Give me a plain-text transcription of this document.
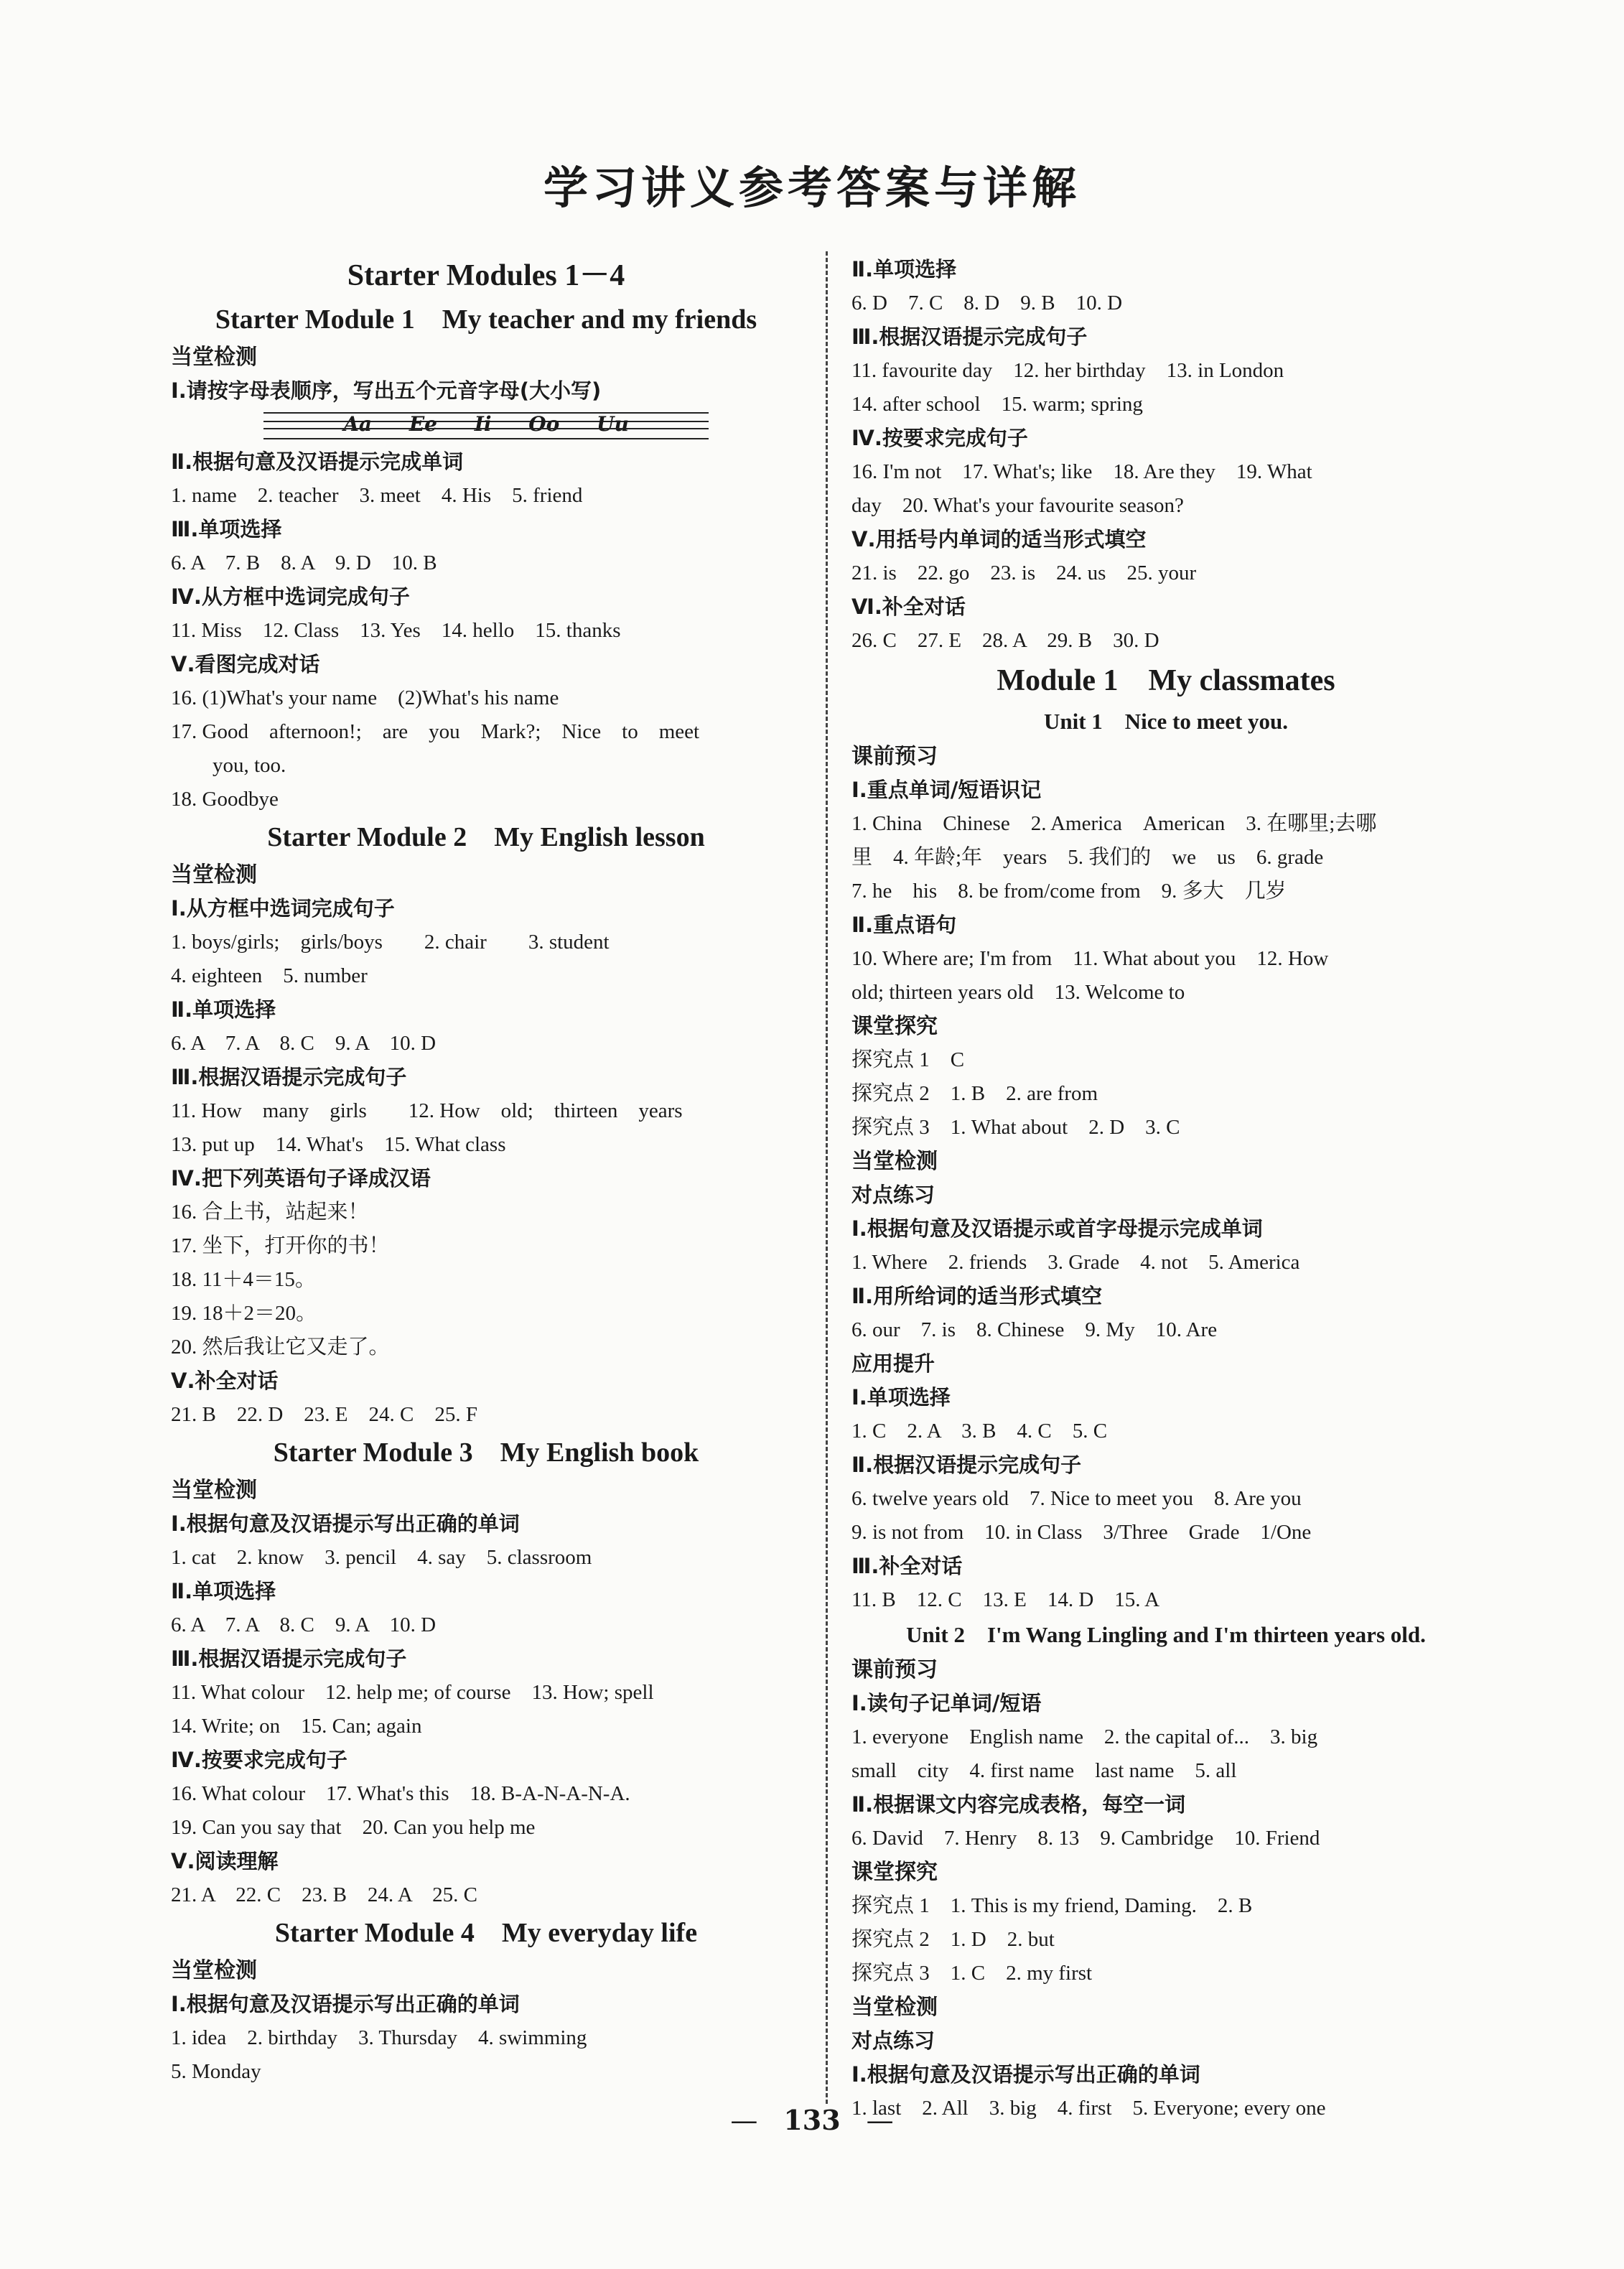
学习讲义参考答案与详解
Starter Modules 1－4
Starter Module 1　My teacher and my friends
当堂检测
Ⅰ.请按字母表顺序，写出五个元音字母(大小写)
Aa Ee Ii Oo Uu
Ⅱ.根据句意及汉语提示完成单词
1. name　2. teacher　3. meet　4. His　5. friend
Ⅲ.单项选择
6. A　7. B　8. A　9. D　10. B
Ⅳ.从方框中选词完成句子
11. Miss　12. Class　13. Yes　14. hello　15. thanks
Ⅴ.看图完成对话
16. (1)What's your name　(2)What's his name
17. Good　afternoon!;　are　you　Mark?;　Nice　to　meet
　　you, too.
18. Goodbye
Starter Module 2　My English lesson
当堂检测
Ⅰ.从方框中选词完成句子
1. boys/girls;　girls/boys　　2. chair　　3. student
4. eighteen　5. number
Ⅱ.单项选择
6. A　7. A　8. C　9. A　10. D
Ⅲ.根据汉语提示完成句子
11. How　many　girls　　12. How　old;　thirteen　years
13. put up　14. What's　15. What class
Ⅳ.把下列英语句子译成汉语
16. 合上书，站起来！
17. 坐下，打开你的书！
18. 11＋4＝15。
19. 18＋2＝20。
20. 然后我让它又走了。
Ⅴ.补全对话
21. B　22. D　23. E　24. C　25. F
Starter Module 3　My English book
当堂检测
Ⅰ.根据句意及汉语提示写出正确的单词
1. cat　2. know　3. pencil　4. say　5. classroom
Ⅱ.单项选择
6. A　7. A　8. C　9. A　10. D
Ⅲ.根据汉语提示完成句子
11. What colour　12. help me; of course　13. How; spell
14. Write; on　15. Can; again
Ⅳ.按要求完成句子
16. What colour　17. What's this　18. B-A-N-A-N-A.
19. Can you say that　20. Can you help me
Ⅴ.阅读理解
21. A　22. C　23. B　24. A　25. C
Starter Module 4　My everyday life
当堂检测
Ⅰ.根据句意及汉语提示写出正确的单词
1. idea　2. birthday　3. Thursday　4. swimming
5. Monday
Ⅱ.单项选择
6. D　7. C　8. D　9. B　10. D
Ⅲ.根据汉语提示完成句子
11. favourite day　12. her birthday　13. in London
14. after school　15. warm; spring
Ⅳ.按要求完成句子
16. I'm not　17. What's; like　18. Are they　19. What
day　20. What's your favourite season?
Ⅴ.用括号内单词的适当形式填空
21. is　22. go　23. is　24. us　25. your
Ⅵ.补全对话
26. C　27. E　28. A　29. B　30. D
Module 1　My classmates
Unit 1　Nice to meet you.
课前预习
Ⅰ.重点单词/短语识记
1. China　Chinese　2. America　American　3. 在哪里;去哪
里　4. 年龄;年　years　5. 我们的　we　us　6. grade
7. he　his　8. be from/come from　9. 多大　几岁
Ⅱ.重点语句
10. Where are; I'm from　11. What about you　12. How
old; thirteen years old　13. Welcome to
课堂探究
探究点 1　C
探究点 2　1. B　2. are from
探究点 3　1. What about　2. D　3. C
当堂检测
对点练习
Ⅰ.根据句意及汉语提示或首字母提示完成单词
1. Where　2. friends　3. Grade　4. not　5. America
Ⅱ.用所给词的适当形式填空
6. our　7. is　8. Chinese　9. My　10. Are
应用提升
Ⅰ.单项选择
1. C　2. A　3. B　4. C　5. C
Ⅱ.根据汉语提示完成句子
6. twelve years old　7. Nice to meet you　8. Are you
9. is not from　10. in Class　3/Three　Grade　1/One
Ⅲ.补全对话
11. B　12. C　13. E　14. D　15. A
Unit 2　I'm Wang Lingling and I'm thirteen years old.
课前预习
Ⅰ.读句子记单词/短语
1. everyone　English name　2. the capital of...　3. big
small　city　4. first name　last name　5. all
Ⅱ.根据课文内容完成表格，每空一词
6. David　7. Henry　8. 13　9. Cambridge　10. Friend
课堂探究
探究点 1　1. This is my friend, Daming.　2. B
探究点 2　1. D　2. but
探究点 3　1. C　2. my first
当堂检测
对点练习
Ⅰ.根据句意及汉语提示写出正确的单词
1. last　2. All　3. big　4. first　5. Everyone; every one
— 133 —
